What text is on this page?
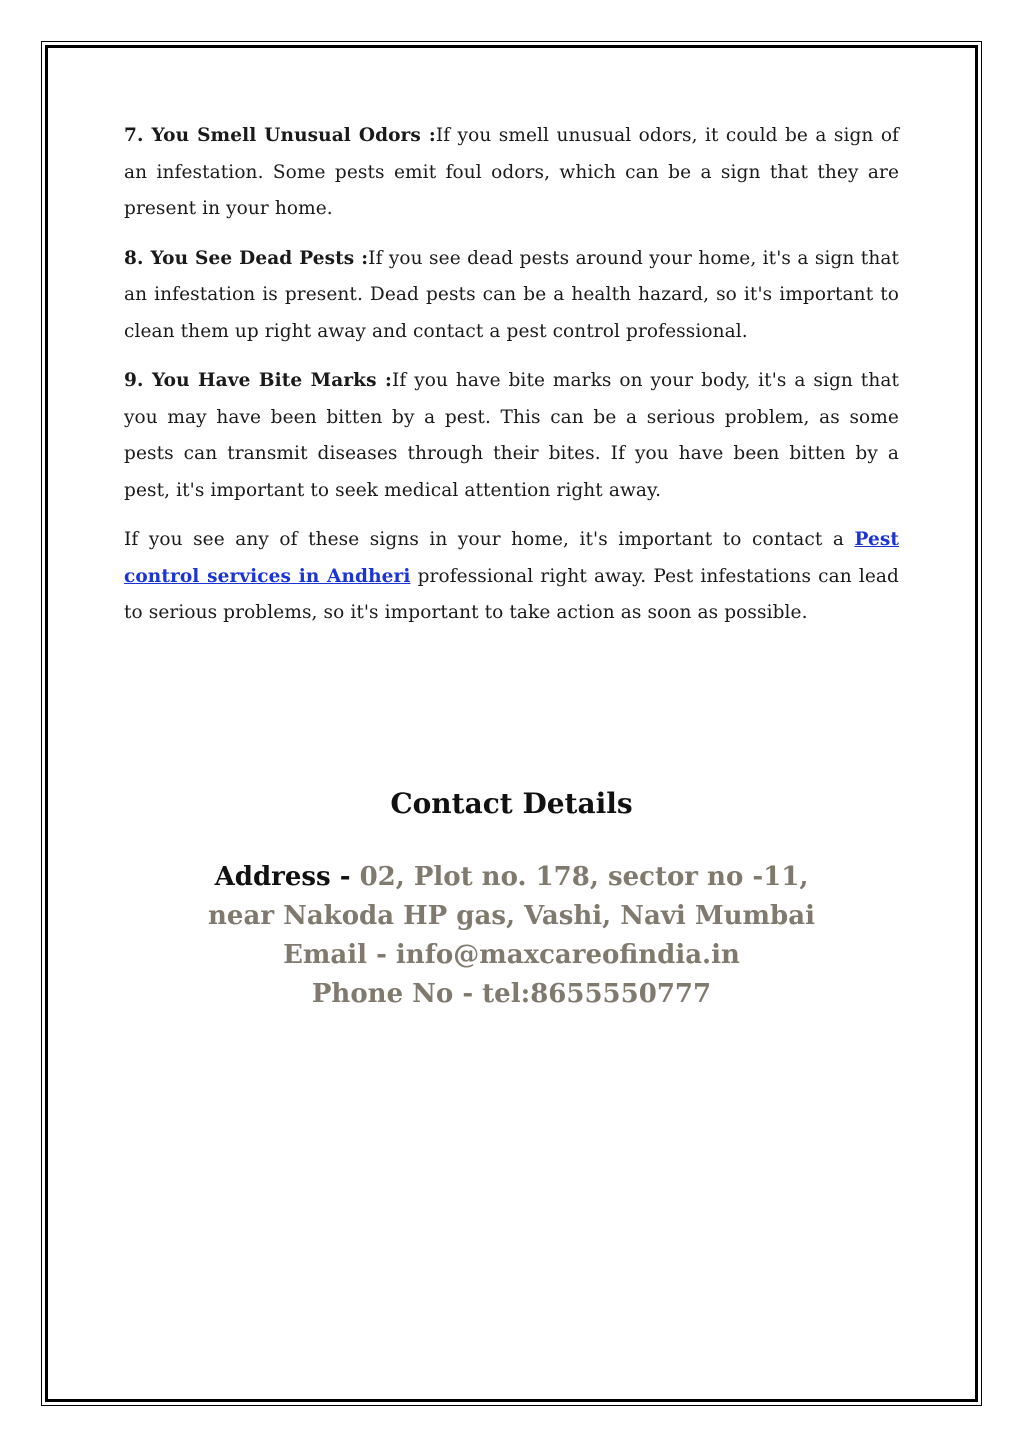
7. You Smell Unusual Odors :If you smell unusual odors, it could be a sign of an infestation. Some pests emit foul odors, which can be a sign that they are present in your home.

8. You See Dead Pests :If you see dead pests around your home, it's a sign that an infestation is present. Dead pests can be a health hazard, so it's important to clean them up right away and contact a pest control professional.

9. You Have Bite Marks :If you have bite marks on your body, it's a sign that you may have been bitten by a pest. This can be a serious problem, as some pests can transmit diseases through their bites. If you have been bitten by a pest, it's important to seek medical attention right away.

If you see any of these signs in your home, it's important to contact a Pest control services in Andheri professional right away. Pest infestations can lead to serious problems, so it's important to take action as soon as possible.

Contact Details
Address - 02, Plot no. 178, sector no -11,
near Nakoda HP gas, Vashi, Navi Mumbai
Email - info@maxcareofindia.in
Phone No - tel:8655550777
